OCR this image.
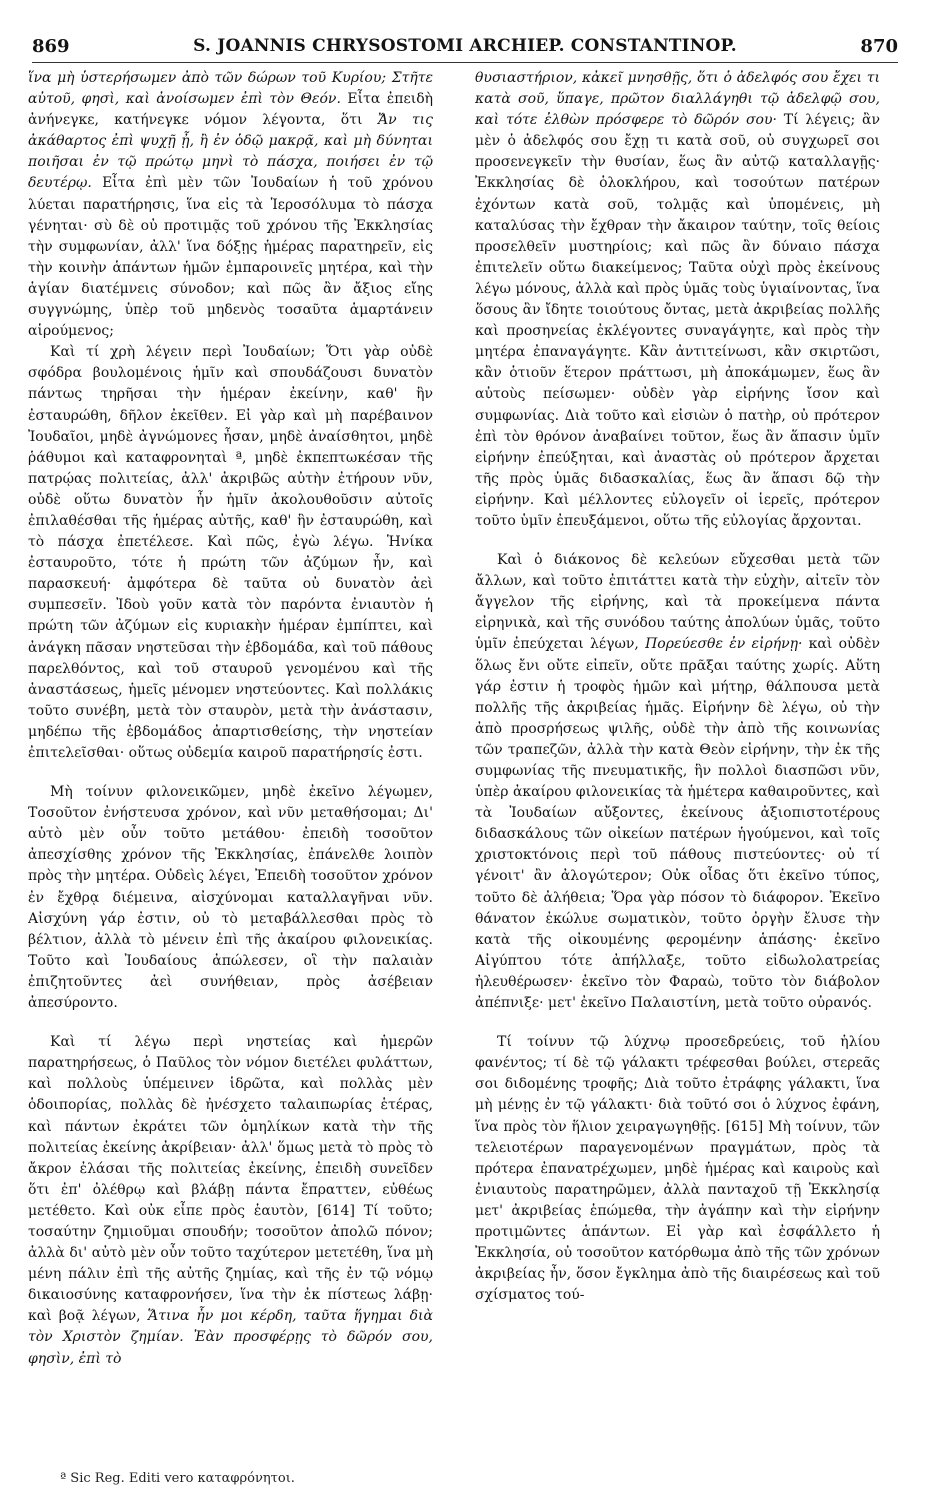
869	S. JOANNIS CHRYSOSTOMI ARCHIEP. CONSTANTINOP.	870

ἵνα μὴ ὑστερήσωμεν ἀπὸ τῶν δώρων τοῦ Κυρίου; Στῆτε αὐτοῦ, φησὶ, καὶ ἀνοίσωμεν ἐπὶ τὸν Θεόν. Εἶτα ἐπειδὴ ἀνήνεγκε, κατήνεγκε νόμον λέγοντα, ὅτι Ἄν τις ἀκάθαρτος ἐπὶ ψυχῇ ᾖ, ἢ ἐν ὁδῷ μακρᾷ, καὶ μὴ δύνηται ποιῆσαι ἐν τῷ πρώτῳ μηνὶ τὸ πάσχα, ποιήσει ἐν τῷ δευτέρῳ. Εἶτα ἐπὶ μὲν τῶν Ἰουδαίων ἡ τοῦ χρόνου λύεται παρατήρησις, ἵνα εἰς τὰ Ἱεροσόλυμα τὸ πάσχα γένηται· σὺ δὲ οὐ προτιμᾷς τοῦ χρόνου τῆς Ἐκκλησίας τὴν συμφωνίαν, ἀλλ' ἵνα δόξῃς ἡμέρας παρατηρεῖν, εἰς τὴν κοινὴν ἁπάντων ἡμῶν ἐμπαροινεῖς μητέρα, καὶ τὴν ἁγίαν διατέμνεις σύνοδον; καὶ πῶς ἂν ἄξιος εἴης συγγνώμης, ὑπὲρ τοῦ μηδενὸς τοσαῦτα ἁμαρτάνειν αἱρούμενος;

Καὶ τί χρὴ λέγειν περὶ Ἰουδαίων; Ὅτι γὰρ οὐδὲ σφόδρα βουλομένοις ἡμῖν καὶ σπουδάζουσι δυνατὸν πάντως τηρῆσαι τὴν ἡμέραν ἐκείνην, καθ' ἣν ἐσταυρώθη, δῆλον ἐκεῖθεν. Εἰ γὰρ καὶ μὴ παρέβαινον Ἰουδαῖοι, μηδὲ ἀγνώμονες ἦσαν, μηδὲ ἀναίσθητοι, μηδὲ ῥάθυμοι καὶ καταφρονηταὶ ª, μηδὲ ἐκπεπτωκέσαν τῆς πατρῴας πολιτείας, ἀλλ' ἀκριβῶς αὐτὴν ἐτήρουν νῦν, οὐδὲ οὕτω δυνατὸν ἦν ἡμῖν ἀκολουθοῦσιν αὐτοῖς ἐπιλαθέσθαι τῆς ἡμέρας αὐτῆς, καθ' ἣν ἐσταυρώθη, καὶ τὸ πάσχα ἐπετέλεσε. Καὶ πῶς, ἐγὼ λέγω. Ἡνίκα ἐσταυροῦτο, τότε ἡ πρώτη τῶν ἀζύμων ἦν, καὶ παρασκευή· ἀμφότερα δὲ ταῦτα οὐ δυνατὸν ἀεὶ συμπεσεῖν. Ἰδοὺ γοῦν κατὰ τὸν παρόντα ἐνιαυτὸν ἡ πρώτη τῶν ἀζύμων εἰς κυριακὴν ἡμέραν ἐμπίπτει, καὶ ἀνάγκη πᾶσαν νηστεῦσαι τὴν ἑβδομάδα, καὶ τοῦ πάθους παρελθόντος, καὶ τοῦ σταυροῦ γενομένου καὶ τῆς ἀναστάσεως, ἡμεῖς μένομεν νηστεύοντες. Καὶ πολλάκις τοῦτο συνέβη, μετὰ τὸν σταυρὸν, μετὰ τὴν ἀνάστασιν, μηδέπω τῆς ἑβδομάδος ἀπαρτισθείσης, τὴν νηστείαν ἐπιτελεῖσθαι· οὕτως οὐδεμία καιροῦ παρατήρησίς ἐστι.

Μὴ τοίνυν φιλονεικῶμεν, μηδὲ ἐκεῖνο λέγωμεν, Τοσοῦτον ἐνήστευσα χρόνον, καὶ νῦν μεταθήσομαι; Δι' αὐτὸ μὲν οὖν τοῦτο μετάθου· ἐπειδὴ τοσοῦτον ἀπεσχίσθης χρόνον τῆς Ἐκκλησίας, ἐπάνελθε λοιπὸν πρὸς τὴν μητέρα. Οὐδεὶς λέγει, Ἐπειδὴ τοσοῦτον χρόνον ἐν ἔχθρᾳ διέμεινα, αἰσχύνομαι καταλλαγῆναι νῦν. Αἰσχύνη γάρ ἐστιν, οὐ τὸ μεταβάλλεσθαι πρὸς τὸ βέλτιον, ἀλλὰ τὸ μένειν ἐπὶ τῆς ἀκαίρου φιλονεικίας. Τοῦτο καὶ Ἰουδαίους ἀπώλεσεν, οἳ τὴν παλαιὰν ἐπιζητοῦντες ἀεὶ συνήθειαν, πρὸς ἀσέβειαν ἀπεσύροντο.

Καὶ τί λέγω περὶ νηστείας καὶ ἡμερῶν παρατηρήσεως, ὁ Παῦλος τὸν νόμον διετέλει φυλάττων, καὶ πολλοὺς ὑπέμεινεν ἱδρῶτα, καὶ πολλὰς μὲν ὁδοιπορίας, πολλὰς δὲ ἠνέσχετο ταλαιπωρίας ἑτέρας, καὶ πάντων ἐκράτει τῶν ὁμηλίκων κατὰ τὴν τῆς πολιτείας ἐκείνης ἀκρίβειαν· ἀλλ' ὅμως μετὰ τὸ πρὸς τὸ ἄκρον ἐλάσαι τῆς πολιτείας ἐκείνης, ἐπειδὴ συνεῖδεν ὅτι ἐπ' ὀλέθρῳ καὶ βλάβῃ πάντα ἔπραττεν, εὐθέως μετέθετο. Καὶ οὐκ εἶπε πρὸς ἑαυτὸν, [614] Τί τοῦτο; τοσαύτην ζημιοῦμαι σπουδήν; τοσοῦτον ἀπολῶ πόνον; ἀλλὰ δι' αὐτὸ μὲν οὖν τοῦτο ταχύτερον μετετέθη, ἵνα μὴ μένη πάλιν ἐπὶ τῆς αὐτῆς ζημίας, καὶ τῆς ἐν τῷ νόμῳ δικαιοσύνης καταφρονήσεν, ἵνα τὴν ἐκ πίστεως λάβῃ· καὶ βοᾷ λέγων, Ἅτινα ἦν μοι κέρδη, ταῦτα ἥγημαι διὰ τὸν Χριστὸν ζημίαν. Ἐὰν προσφέρῃς τὸ δῶρόν σου, φησὶν, ἐπὶ τὸ

θυσιαστήριον, κἀκεῖ μνησθῇς, ὅτι ὁ ἀδελφός σου ἔχει τι κατὰ σοῦ, ὕπαγε, πρῶτον διαλλάγηθι τῷ ἀδελφῷ σου, καὶ τότε ἐλθὼν πρόσφερε τὸ δῶρόν σου· Τί λέγεις; ἂν μὲν ὁ ἀδελφός σου ἔχῃ τι κατὰ σοῦ, οὐ συγχωρεῖ σοι προσενεγκεῖν τὴν θυσίαν, ἕως ἂν αὐτῷ καταλλαγῇς· Ἐκκλησίας δὲ ὁλοκλήρου, καὶ τοσούτων πατέρων ἐχόντων κατὰ σοῦ, τολμᾷς καὶ ὑπομένεις, μὴ καταλύσας τὴν ἔχθραν τὴν ἄκαιρον ταύτην, τοῖς θείοις προσελθεῖν μυστηρίοις; καὶ πῶς ἂν δύναιο πάσχα ἐπιτελεῖν οὕτω διακείμενος; Ταῦτα οὐχὶ πρὸς ἐκείνους λέγω μόνους, ἀλλὰ καὶ πρὸς ὑμᾶς τοὺς ὑγιαίνοντας, ἵνα ὅσους ἂν ἴδητε τοιούτους ὄντας, μετὰ ἀκριβείας πολλῆς καὶ προσηνείας ἐκλέγοντες συναγάγητε, καὶ πρὸς τὴν μητέρα ἐπαναγάγητε. Κἂν ἀντιτείνωσι, κἂν σκιρτῶσι, κἂν ὁτιοῦν ἕτερον πράττωσι, μὴ ἀποκάμωμεν, ἕως ἂν αὐτοὺς πείσωμεν· οὐδὲν γὰρ εἰρήνης ἴσον καὶ συμφωνίας. Διὰ τοῦτο καὶ εἰσιὼν ὁ πατὴρ, οὐ πρότερον ἐπὶ τὸν θρόνον ἀναβαίνει τοῦτον, ἕως ἂν ἅπασιν ὑμῖν εἰρήνην ἐπεύξηται, καὶ ἀναστὰς οὐ πρότερον ἄρχεται τῆς πρὸς ὑμᾶς διδασκαλίας, ἕως ἂν ἅπασι δῷ τὴν εἰρήνην. Καὶ μέλλοντες εὐλογεῖν οἱ ἱερεῖς, πρότερον τοῦτο ὑμῖν ἐπευξάμενοι, οὕτω τῆς εὐλογίας ἄρχονται.

Καὶ ὁ διάκονος δὲ κελεύων εὔχεσθαι μετὰ τῶν ἄλλων, καὶ τοῦτο ἐπιτάττει κατὰ τὴν εὐχὴν, αἰτεῖν τὸν ἄγγελον τῆς εἰρήνης, καὶ τὰ προκείμενα πάντα εἰρηνικὰ, καὶ τῆς συνόδου ταύτης ἀπολύων ὑμᾶς, τοῦτο ὑμῖν ἐπεύχεται λέγων, Πορεύεσθε ἐν εἰρήνῃ· καὶ οὐδὲν ὅλως ἔνι οὔτε εἰπεῖν, οὔτε πρᾶξαι ταύτης χωρίς. Αὕτη γάρ ἐστιν ἡ τροφὸς ἡμῶν καὶ μήτηρ, θάλπουσα μετὰ πολλῆς τῆς ἀκριβείας ἡμᾶς. Εἰρήνην δὲ λέγω, οὐ τὴν ἀπὸ προσρήσεως ψιλῆς, οὐδὲ τὴν ἀπὸ τῆς κοινωνίας τῶν τραπεζῶν, ἀλλὰ τὴν κατὰ Θεὸν εἰρήνην, τὴν ἐκ τῆς συμφωνίας τῆς πνευματικῆς, ἣν πολλοὶ διασπῶσι νῦν, ὑπὲρ ἀκαίρου φιλονεικίας τὰ ἡμέτερα καθαιροῦντες, καὶ τὰ Ἰουδαίων αὔξοντες, ἐκείνους ἀξιοπιστοτέρους διδασκάλους τῶν οἰκείων πατέρων ἡγούμενοι, καὶ τοῖς χριστοκτόνοις περὶ τοῦ πάθους πιστεύοντες· οὐ τί γένοιτ' ἂν ἀλογώτερον; Οὐκ οἶδας ὅτι ἐκεῖνο τύπος, τοῦτο δὲ ἀλήθεια; Ὅρα γὰρ πόσον τὸ διάφορον. Ἐκεῖνο θάνατον ἐκώλυε σωματικὸν, τοῦτο ὀργὴν ἔλυσε τὴν κατὰ τῆς οἰκουμένης φερομένην ἁπάσης· ἐκεῖνο Αἰγύπτου τότε ἀπήλλαξε, τοῦτο εἰδωλολατρείας ἠλευθέρωσεν· ἐκεῖνο τὸν Φαραὼ, τοῦτο τὸν διάβολον ἀπέπνιξε· μετ' ἐκεῖνο Παλαιστίνη, μετὰ τοῦτο οὐρανός.

Τί τοίνυν τῷ λύχνῳ προσεδρεύεις, τοῦ ἡλίου φανέντος; τί δὲ τῷ γάλακτι τρέφεσθαι βούλει, στερεᾶς σοι διδομένης τροφῆς; Διὰ τοῦτο ἐτράφης γάλακτι, ἵνα μὴ μένῃς ἐν τῷ γάλακτι· διὰ τοῦτό σοι ὁ λύχνος ἐφάνη, ἵνα πρὸς τὸν ἥλιον χειραγωγηθῇς. [615] Μὴ τοίνυν, τῶν τελειοτέρων παραγενομένων πραγμάτων, πρὸς τὰ πρότερα ἐπανατρέχωμεν, μηδὲ ἡμέρας καὶ καιροὺς καὶ ἐνιαυτοὺς παρατηρῶμεν, ἀλλὰ πανταχοῦ τῇ Ἐκκλησίᾳ μετ' ἀκριβείας ἑπώμεθα, τὴν ἀγάπην καὶ τὴν εἰρήνην προτιμῶντες ἁπάντων. Εἰ γὰρ καὶ ἐσφάλλετο ἡ Ἐκκλησία, οὐ τοσοῦτον κατόρθωμα ἀπὸ τῆς τῶν χρόνων ἀκριβείας ἦν, ὅσον ἔγκλημα ἀπὸ τῆς διαιρέσεως καὶ τοῦ σχίσματος τού-

ª Sic Reg. Editi vero καταφρόνητοι.
